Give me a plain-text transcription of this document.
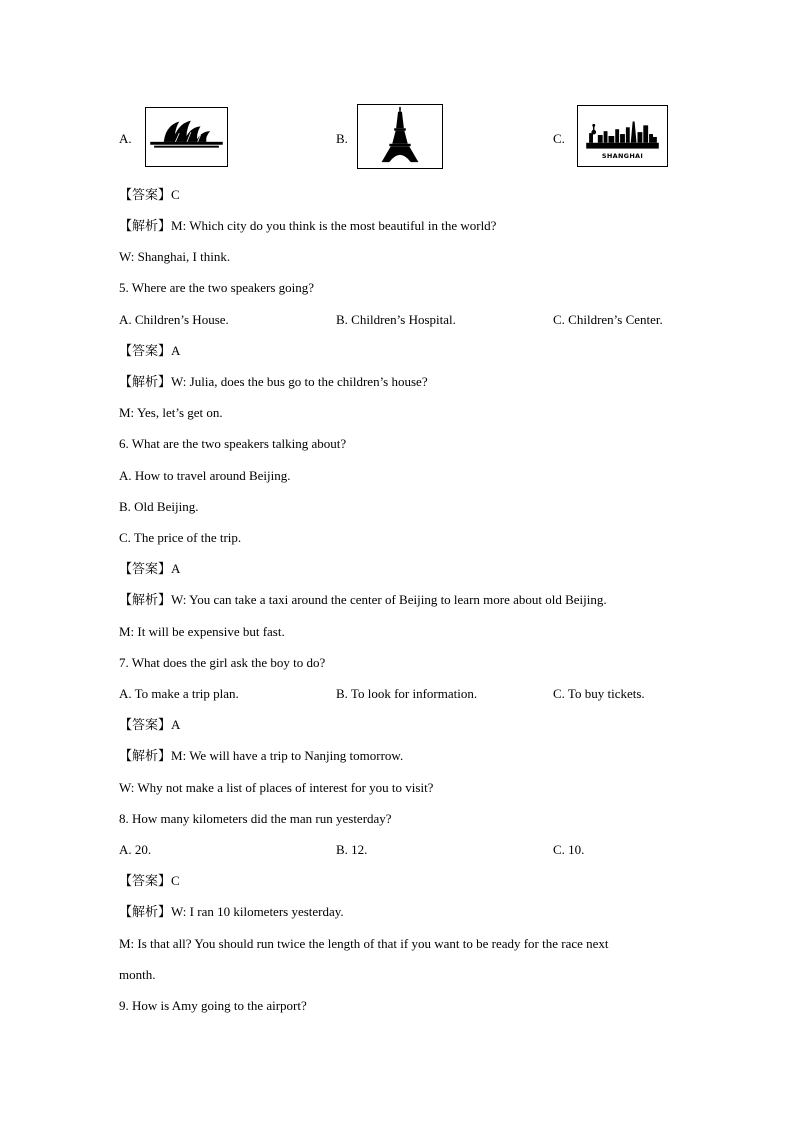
A.	B.	C.
SHANGHAI
【答案】C
【解析】M: Which city do you think is the most beautiful in the world?
W: Shanghai, I think.
5. Where are the two speakers going?
A. Children’s House.	B. Children’s Hospital.	C. Children’s Center.
【答案】A
【解析】W: Julia, does the bus go to the children’s house?
M: Yes, let’s get on.
6. What are the two speakers talking about?
A. How to travel around Beijing.
B. Old Beijing.
C. The price of the trip.
【答案】A
【解析】W: You can take a taxi around the center of Beijing to learn more about old Beijing.
M: It will be expensive but fast.
7. What does the girl ask the boy to do?
A. To make a trip plan.	B. To look for information.	C. To buy tickets.
【答案】A
【解析】M: We will have a trip to Nanjing tomorrow.
W: Why not make a list of places of interest for you to visit?
8. How many kilometers did the man run yesterday?
A. 20.	B. 12.	C. 10.
【答案】C
【解析】W: I ran 10 kilometers yesterday.
M: Is that all? You should run twice the length of that if you want to be ready for the race next
month.
9. How is Amy going to the airport?
